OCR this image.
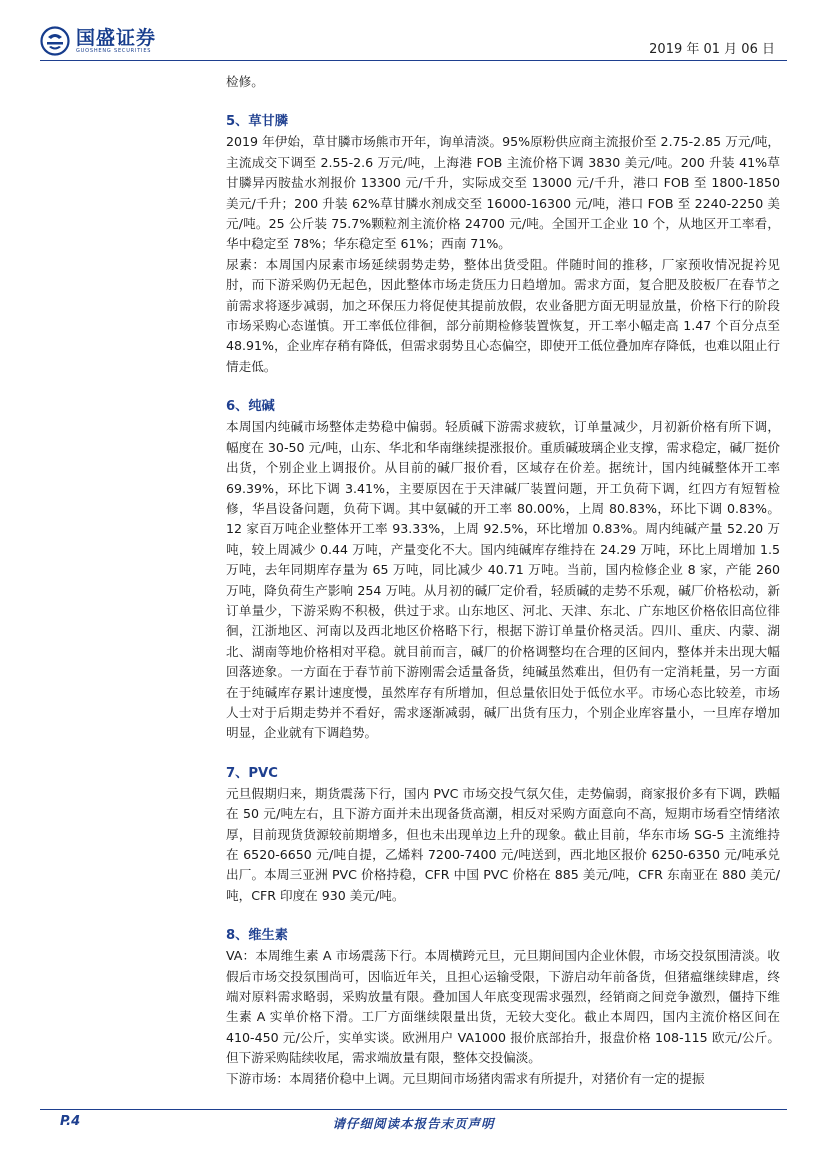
国盛证券
GUOSHENG SECURITIES	2019 年 01 月 06 日

检修。

5、草甘膦

2019 年伊始，草甘膦市场熊市开年，询单清淡。95%原粉供应商主流报价至 2.75-2.85 万元/吨，主流成交下调至 2.55-2.6 万元/吨，上海港 FOB 主流价格下调 3830 美元/吨。200 升装 41%草甘膦异丙胺盐水剂报价 13300 元/千升，实际成交至 13000 元/千升，港口 FOB 至 1800-1850 美元/千升；200 升装 62%草甘膦水剂成交至 16000-16300 元/吨，港口 FOB 至 2240-2250 美元/吨。25 公斤装 75.7%颗粒剂主流价格 24700 元/吨。全国开工企业 10 个，从地区开工率看，华中稳定至 78%；华东稳定至 61%；西南 71%。

尿素：本周国内尿素市场延续弱势走势，整体出货受阻。伴随时间的推移，厂家预收情况捉衿见肘，而下游采购仍无起色，因此整体市场走货压力日趋增加。需求方面，复合肥及胶板厂在春节之前需求将逐步减弱，加之环保压力将促使其提前放假，农业备肥方面无明显放量，价格下行的阶段市场采购心态谨慎。开工率低位徘徊，部分前期检修装置恢复，开工率小幅走高 1.47 个百分点至 48.91%，企业库存稍有降低，但需求弱势且心态偏空，即使开工低位叠加库存降低，也难以阻止行情走低。

6、纯碱

本周国内纯碱市场整体走势稳中偏弱。轻质碱下游需求疲软，订单量减少，月初新价格有所下调，幅度在 30-50 元/吨，山东、华北和华南继续提涨报价。重质碱玻璃企业支撑，需求稳定，碱厂挺价出货，个别企业上调报价。从目前的碱厂报价看，区域存在价差。据统计，国内纯碱整体开工率 69.39%，环比下调 3.41%，主要原因在于天津碱厂装置问题，开工负荷下调，红四方有短暂检修，华昌设备问题，负荷下调。其中氨碱的开工率 80.00%，上周 80.83%，环比下调 0.83%。12 家百万吨企业整体开工率 93.33%，上周 92.5%，环比增加 0.83%。周内纯碱产量 52.20 万吨，较上周减少 0.44 万吨，产量变化不大。国内纯碱库存维持在 24.29 万吨，环比上周增加 1.5 万吨，去年同期库存量为 65 万吨，同比减少 40.71 万吨。当前，国内检修企业 8 家，产能 260 万吨，降负荷生产影响 254 万吨。从月初的碱厂定价看，轻质碱的走势不乐观，碱厂价格松动，新订单量少，下游采购不积极，供过于求。山东地区、河北、天津、东北、广东地区价格依旧高位徘徊，江浙地区、河南以及西北地区价格略下行，根据下游订单量价格灵活。四川、重庆、内蒙、湖北、湖南等地价格相对平稳。就目前而言，碱厂的价格调整均在合理的区间内，整体并未出现大幅回落迹象。一方面在于春节前下游刚需会适量备货，纯碱虽然难出，但仍有一定消耗量，另一方面在于纯碱库存累计速度慢，虽然库存有所增加，但总量依旧处于低位水平。市场心态比较差，市场人士对于后期走势并不看好，需求逐渐减弱，碱厂出货有压力，个别企业库容量小，一旦库存增加明显，企业就有下调趋势。

7、PVC

元旦假期归来，期货震荡下行，国内 PVC 市场交投气氛欠佳，走势偏弱，商家报价多有下调，跌幅在 50 元/吨左右，且下游方面并未出现备货高潮，相反对采购方面意向不高，短期市场看空情绪浓厚，目前现货货源较前期增多，但也未出现单边上升的现象。截止目前，华东市场 SG-5 主流维持在 6520-6650 元/吨自提，乙烯料 7200-7400 元/吨送到，西北地区报价 6250-6350 元/吨承兑出厂。本周三亚洲 PVC 价格持稳，CFR 中国 PVC 价格在 885 美元/吨，CFR 东南亚在 880 美元/吨，CFR 印度在 930 美元/吨。

8、维生素

VA：本周维生素 A 市场震荡下行。本周横跨元旦，元旦期间国内企业休假，市场交投氛围清淡。收假后市场交投氛围尚可，因临近年关，且担心运输受限，下游启动年前备货，但猪瘟继续肆虐，终端对原料需求略弱，采购放量有限。叠加国人年底变现需求强烈，经销商之间竞争激烈，僵持下维生素 A 实单价格下滑。工厂方面继续限量出货，无较大变化。截止本周四，国内主流价格区间在 410-450 元/公斤，实单实谈。欧洲用户 VA1000 报价底部抬升，报盘价格 108-115 欧元/公斤。但下游采购陆续收尾，需求端放量有限，整体交投偏淡。

下游市场：本周猪价稳中上调。元旦期间市场猪肉需求有所提升，对猪价有一定的提振

P.4	请仔细阅读本报告末页声明
